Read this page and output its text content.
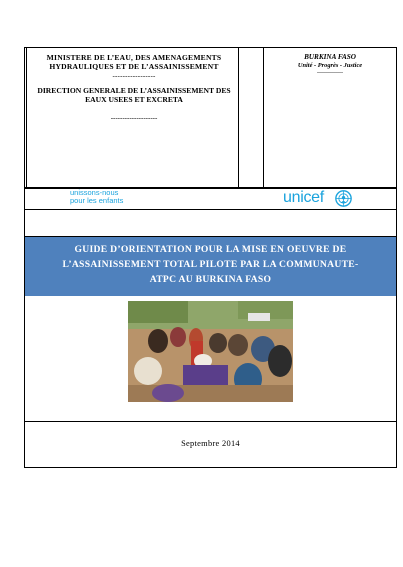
MINISTERE DE L’EAU, DES AMENAGEMENTS
HYDRAULIQUES ET DE L’ASSAINISSEMENT
-----------------
DIRECTION GENERALE DE L’ASSAINISSEMENT DES
EAUX USEES ET EXCRETA
--------------------
BURKINA FASO
Unité - Progrès - Justice
-------------
unissons-nous
pour les enfants	unicef
GUIDE D’ORIENTATION POUR LA MISE EN OEUVRE DE
L’ASSAINISSEMENT TOTAL PILOTE PAR LA COMMUNAUTE-
ATPC AU BURKINA FASO
Septembre 2014
